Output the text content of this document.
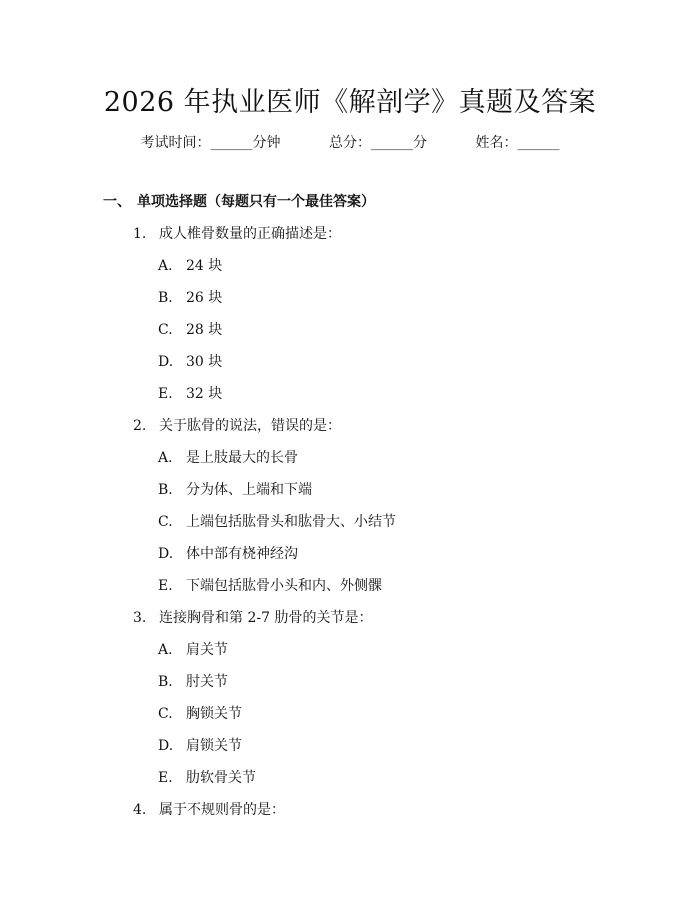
2026 年执业医师《解剖学》真题及答案
考试时间：______分钟	总分：______分	姓名：______
一、 单项选择题（每题只有一个最佳答案）
1. 成人椎骨数量的正确描述是：
A. 24 块
B. 26 块
C. 28 块
D. 30 块
E. 32 块
2. 关于肱骨的说法，错误的是：
A. 是上肢最大的长骨
B. 分为体、上端和下端
C. 上端包括肱骨头和肱骨大、小结节
D. 体中部有桡神经沟
E. 下端包括肱骨小头和内、外侧髁
3. 连接胸骨和第 2-7 肋骨的关节是：
A. 肩关节
B. 肘关节
C. 胸锁关节
D. 肩锁关节
E. 肋软骨关节
4. 属于不规则骨的是：
